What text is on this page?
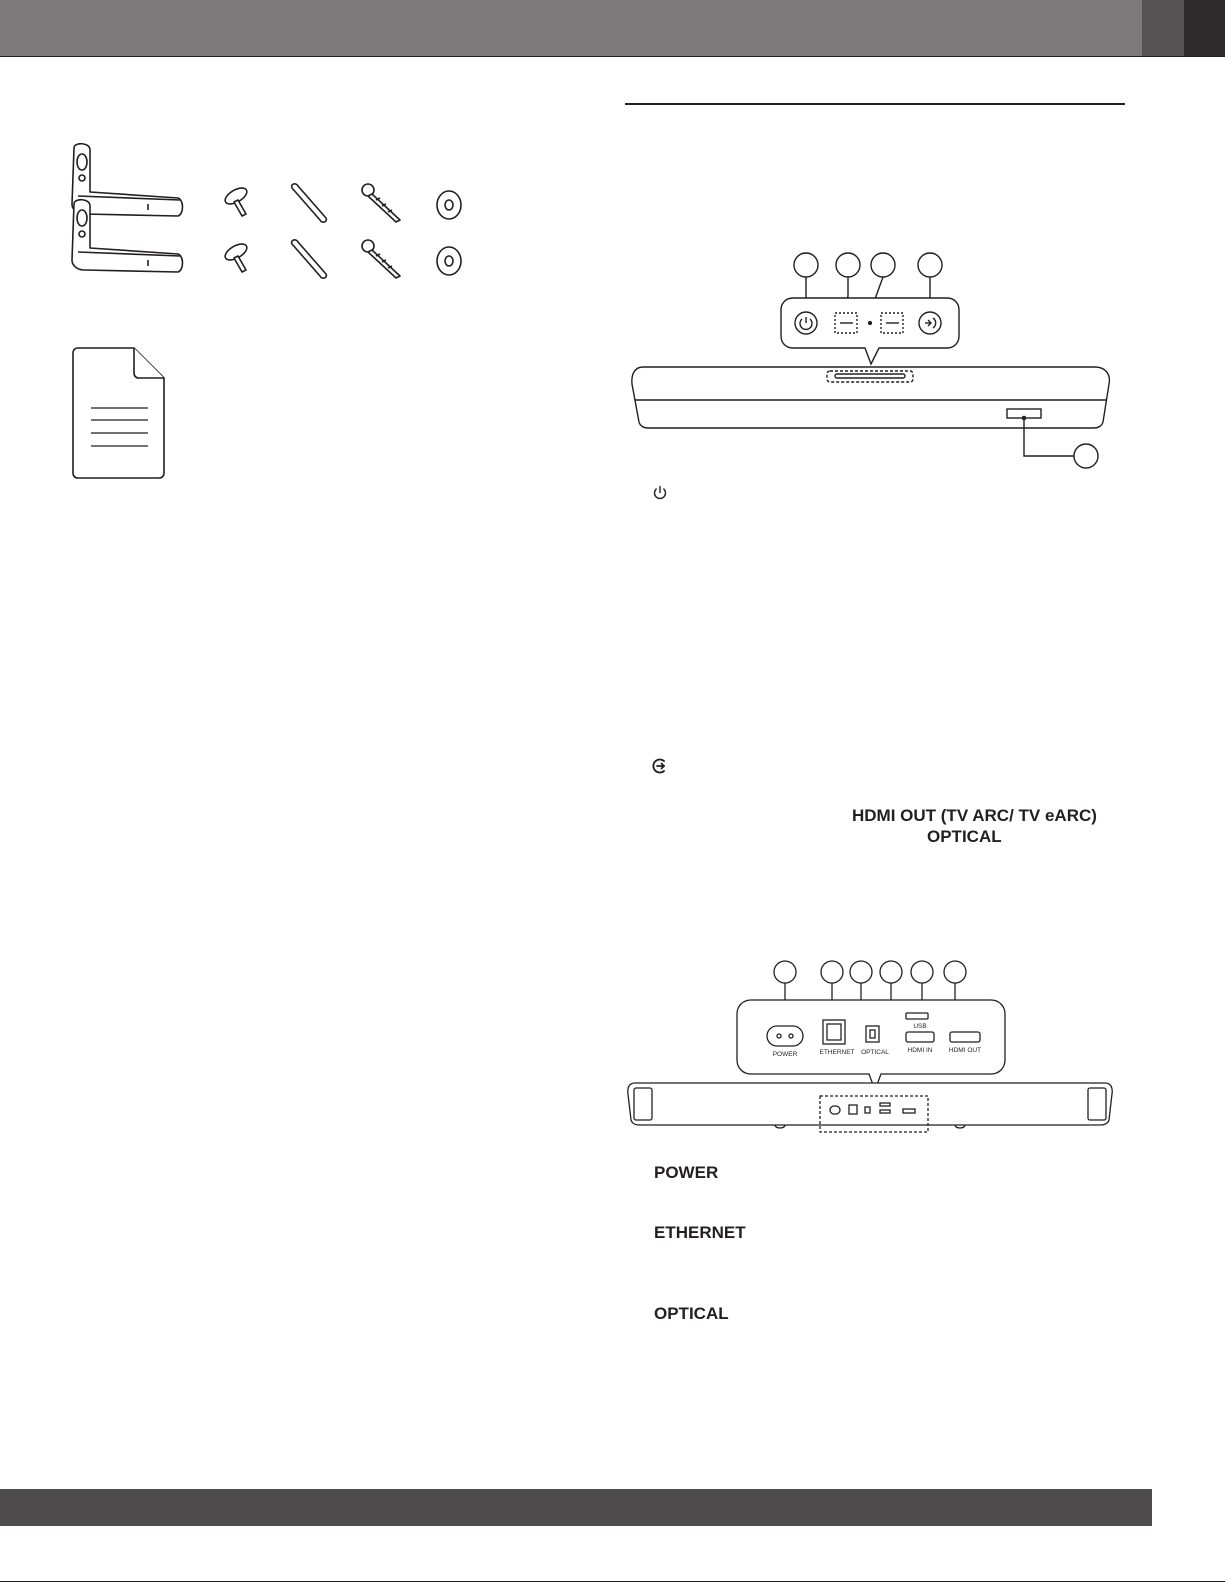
HDMI OUT (TV ARC/ TV eARC)
OPTICAL
POWER	ETHERNET OPTICAL
USB
HDMI IN	HDMI OUT
POWER
ETHERNET
OPTICAL
